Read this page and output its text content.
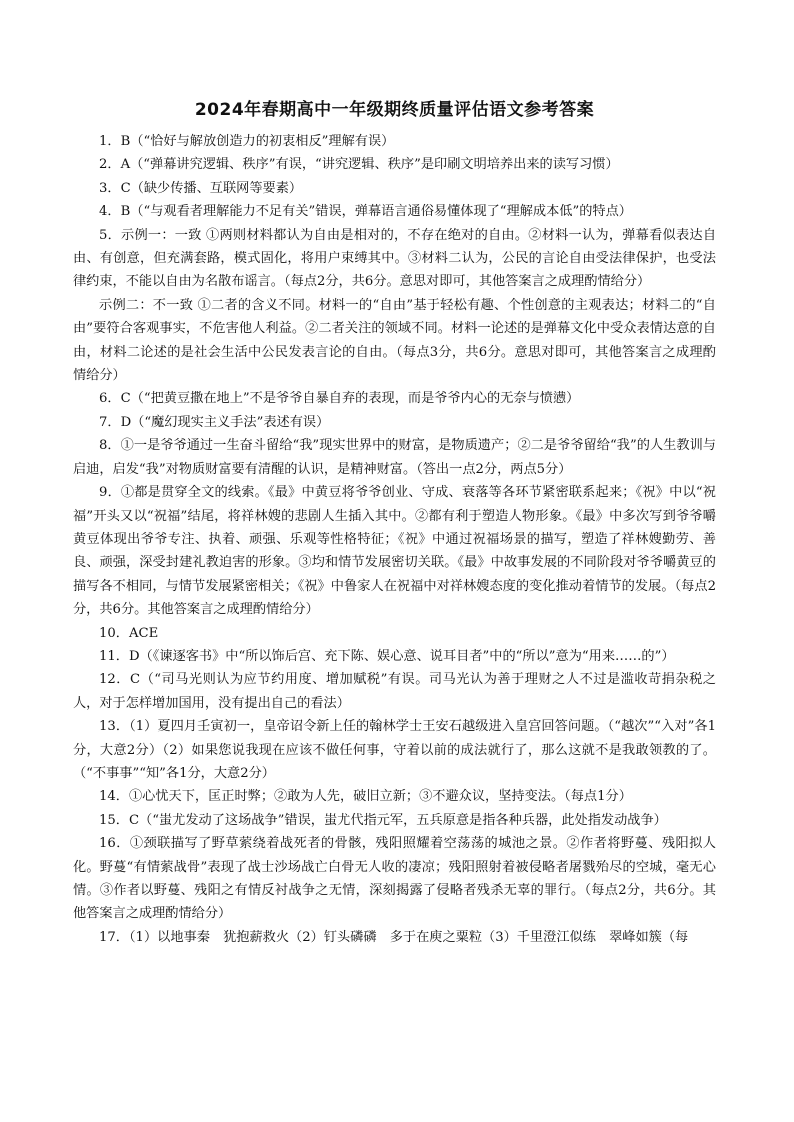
2024年春期高中一年级期终质量评估语文参考答案

1．B（“恰好与解放创造力的初衷相反”理解有误）

2．A（“弹幕讲究逻辑、秩序”有误，“讲究逻辑、秩序”是印刷文明培养出来的读写习惯）

3．C（缺少传播、互联网等要素）

4．B（“与观看者理解能力不足有关”错误，弹幕语言通俗易懂体现了“理解成本低”的特点）

5．示例一：一致 ①两则材料都认为自由是相对的，不存在绝对的自由。②材料一认为，弹幕看似表达自由、有创意，但充满套路，模式固化，将用户束缚其中。③材料二认为，公民的言论自由受法律保护，也受法律约束，不能以自由为名散布谣言。（每点2分，共6分。意思对即可，其他答案言之成理酌情给分）

示例二：不一致 ①二者的含义不同。材料一的“自由”基于轻松有趣、个性创意的主观表达；材料二的“自由”要符合客观事实，不危害他人利益。②二者关注的领域不同。材料一论述的是弹幕文化中受众表情达意的自由，材料二论述的是社会生活中公民发表言论的自由。（每点3分，共6分。意思对即可，其他答案言之成理酌情给分）

6．C（“把黄豆撒在地上”不是爷爷自暴自弃的表现，而是爷爷内心的无奈与愤懑）

7．D（“魔幻现实主义手法”表述有误）

8．①一是爷爷通过一生奋斗留给“我”现实世界中的财富，是物质遗产；②二是爷爷留给“我”的人生教训与启迪，启发“我”对物质财富要有清醒的认识，是精神财富。（答出一点2分，两点5分）

9．①都是贯穿全文的线索。《最》中黄豆将爷爷创业、守成、衰落等各环节紧密联系起来；《祝》中以“祝福”开头又以“祝福”结尾，将祥林嫂的悲剧人生插入其中。②都有利于塑造人物形象。《最》中多次写到爷爷嚼黄豆体现出爷爷专注、执着、顽强、乐观等性格特征；《祝》中通过祝福场景的描写，塑造了祥林嫂勤劳、善良、顽强，深受封建礼教迫害的形象。③均和情节发展密切关联。《最》中故事发展的不同阶段对爷爷嚼黄豆的描写各不相同，与情节发展紧密相关；《祝》中鲁家人在祝福中对祥林嫂态度的变化推动着情节的发展。（每点2分，共6分。其他答案言之成理酌情给分）

10．ACE

11．D（《谏逐客书》中“所以饰后宫、充下陈、娱心意、说耳目者”中的“所以”意为“用来……的”）

12．C（“司马光则认为应节约用度、增加赋税”有误。司马光认为善于理财之人不过是滥收苛捐杂税之人，对于怎样增加国用，没有提出自己的看法）

13．（1）夏四月壬寅初一，皇帝诏令新上任的翰林学士王安石越级进入皇宫回答问题。（“越次”“入对”各1分，大意2分）（2）如果您说我现在应该不做任何事，守着以前的成法就行了，那么这就不是我敢领教的了。（“不事事”“知”各1分，大意2分）

14．①心忧天下，匡正时弊；②敢为人先，破旧立新；③不避众议，坚持变法。（每点1分）

15．C（“蚩尤发动了这场战争”错误，蚩尤代指元军，五兵原意是指各种兵器，此处指发动战争）

16．①颈联描写了野草萦绕着战死者的骨骸，残阳照耀着空荡荡的城池之景。②作者将野蔓、残阳拟人化。野蔓“有情萦战骨”表现了战士沙场战亡白骨无人收的凄凉；残阳照射着被侵略者屠戮殆尽的空城，毫无心情。③作者以野蔓、残阳之有情反衬战争之无情，深刻揭露了侵略者残杀无辜的罪行。（每点2分，共6分。其他答案言之成理酌情给分）

17．（1）以地事秦　犹抱薪救火（2）钉头磷磷　多于在庾之粟粒（3）千里澄江似练　翠峰如簇（每
